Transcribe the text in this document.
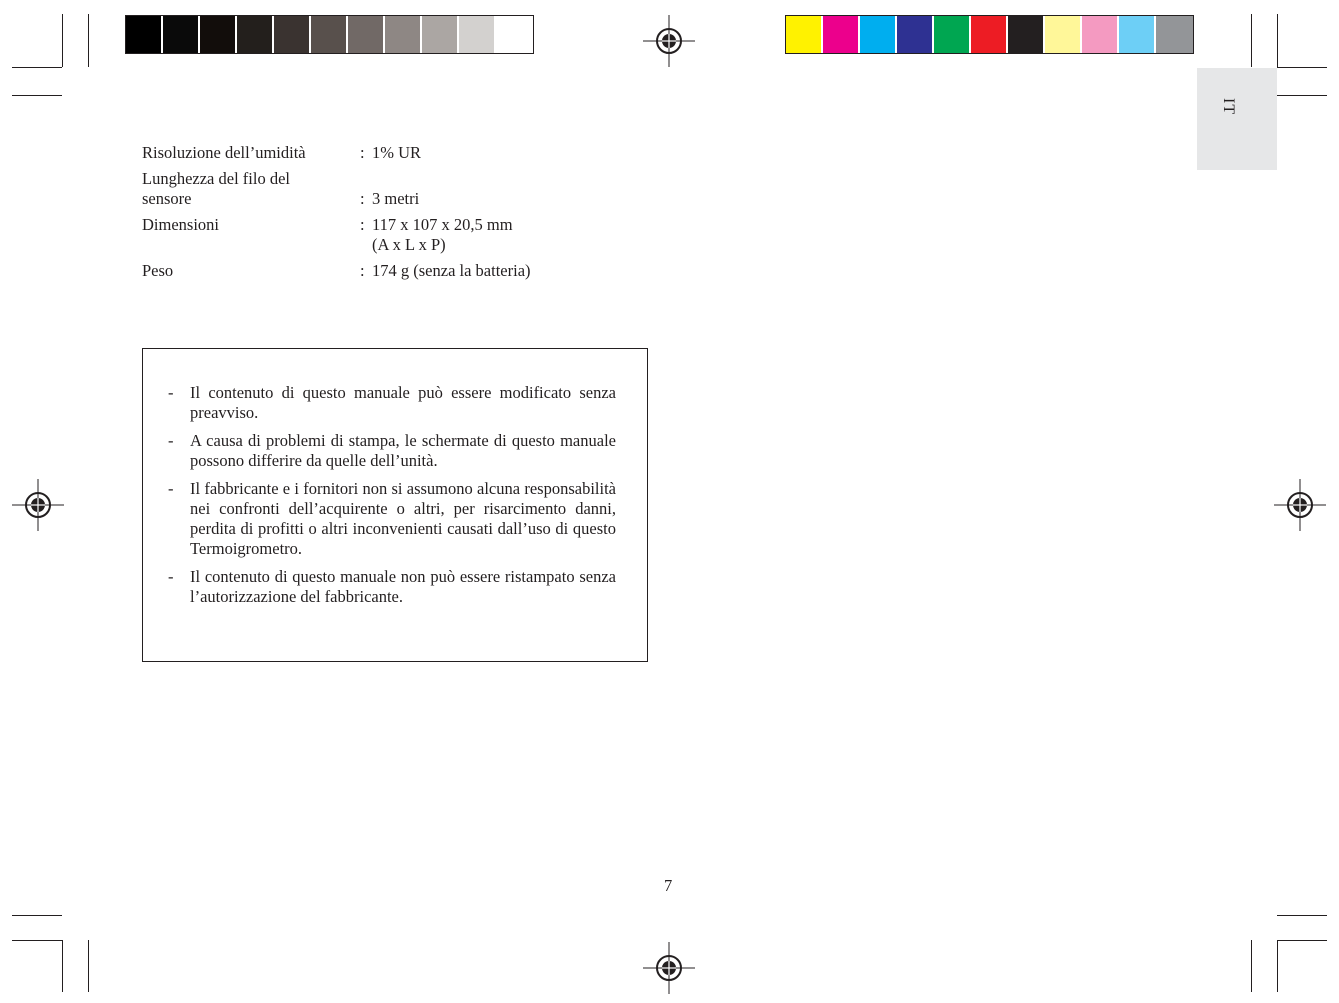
IT
Risoluzione dell’umidità	: 1% UR
Lunghezza del filo del sensore	: 3 metri
Dimensioni	: 117 x 107 x 20,5 mm
(A x L x P)
Peso	: 174 g (senza la batteria)
-	Il contenuto di questo manuale può essere modificato senza preavviso.
-	A causa di problemi di stampa, le schermate di questo manuale possono differire da quelle dell’unità.
-	Il fabbricante e i fornitori non si assumono alcuna responsabilità nei confronti dell’acquirente o altri, per risarcimento danni, perdita di profitti o altri inconvenienti causati dall’uso di questo Termoigrometro.
-	Il contenuto di questo manuale non può essere ristampato senza l’autorizzazione del fabbricante.
7
